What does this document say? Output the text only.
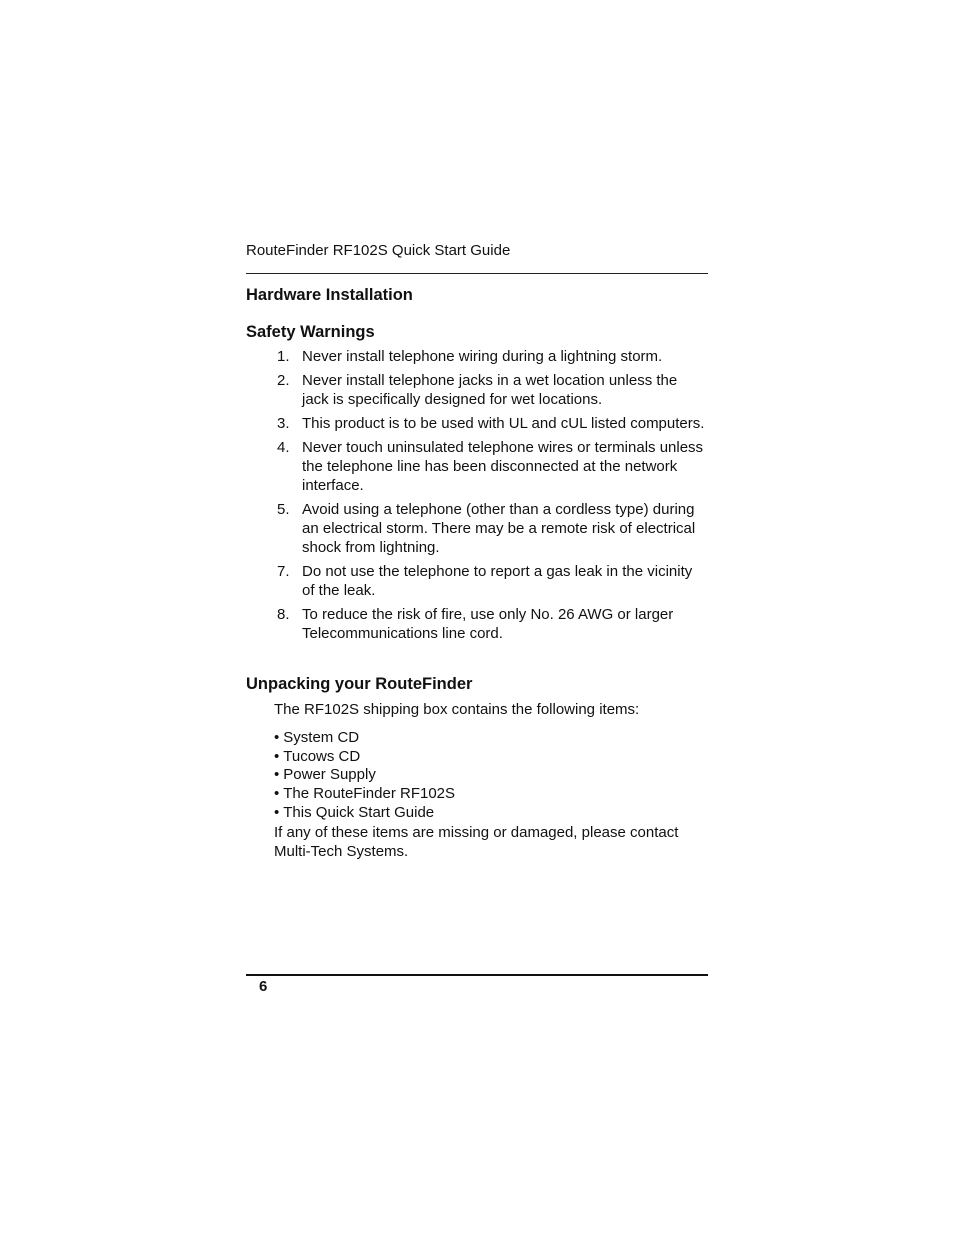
RouteFinder RF102S Quick Start Guide
Hardware Installation
Safety Warnings
1. Never install telephone wiring during a lightning storm.
2. Never install telephone jacks in a wet location unless the jack is specifically designed for wet locations.
3. This product is to be used with UL and cUL listed computers.
4. Never touch uninsulated telephone wires or terminals unless the telephone line has been disconnected at the network interface.
5. Avoid using a telephone (other than a cordless type) during an electrical storm. There may be a remote risk of electrical shock from lightning.
7. Do not use the telephone to report a gas leak in the vicinity of the leak.
8. To reduce the risk of fire, use only No. 26 AWG or larger Telecommunications line cord.
Unpacking your RouteFinder
The RF102S shipping box contains the following items:
• System CD
• Tucows CD
• Power Supply
• The RouteFinder RF102S
• This Quick Start Guide
If any of these items are missing or damaged, please contact Multi-Tech Systems.
6
